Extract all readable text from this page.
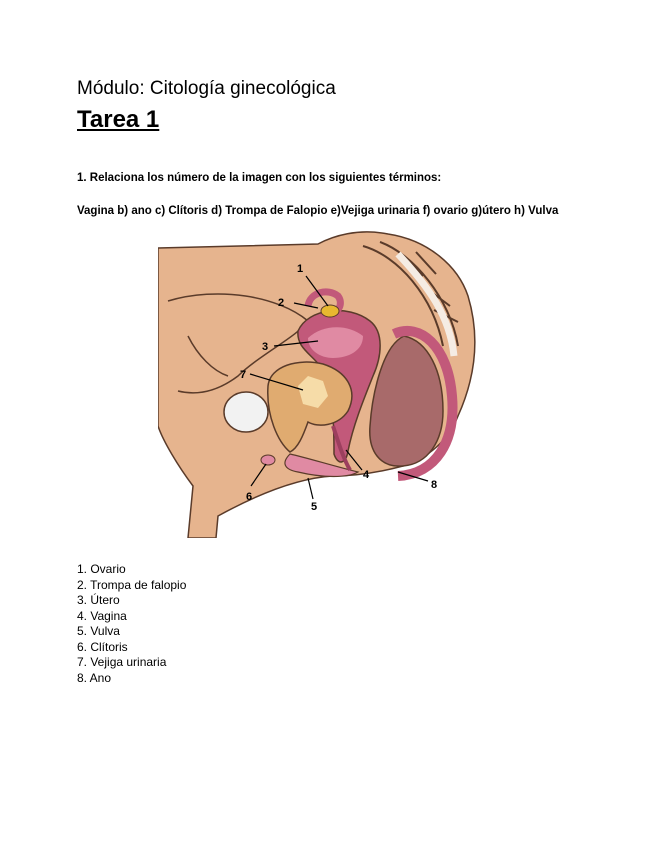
Módulo: Citología ginecológica
Tarea 1
1. Relaciona los número de la imagen con los siguientes términos:
Vagina b) ano c) Clítoris d) Trompa de Falopio e)Vejiga urinaria f) ovario g)útero h) Vulva
1
2
3
7
4
6
5
8
1. Ovario
2. Trompa de falopio
3. Útero
4. Vagina
5. Vulva
6. Clítoris
7. Vejiga urinaria
8. Ano
